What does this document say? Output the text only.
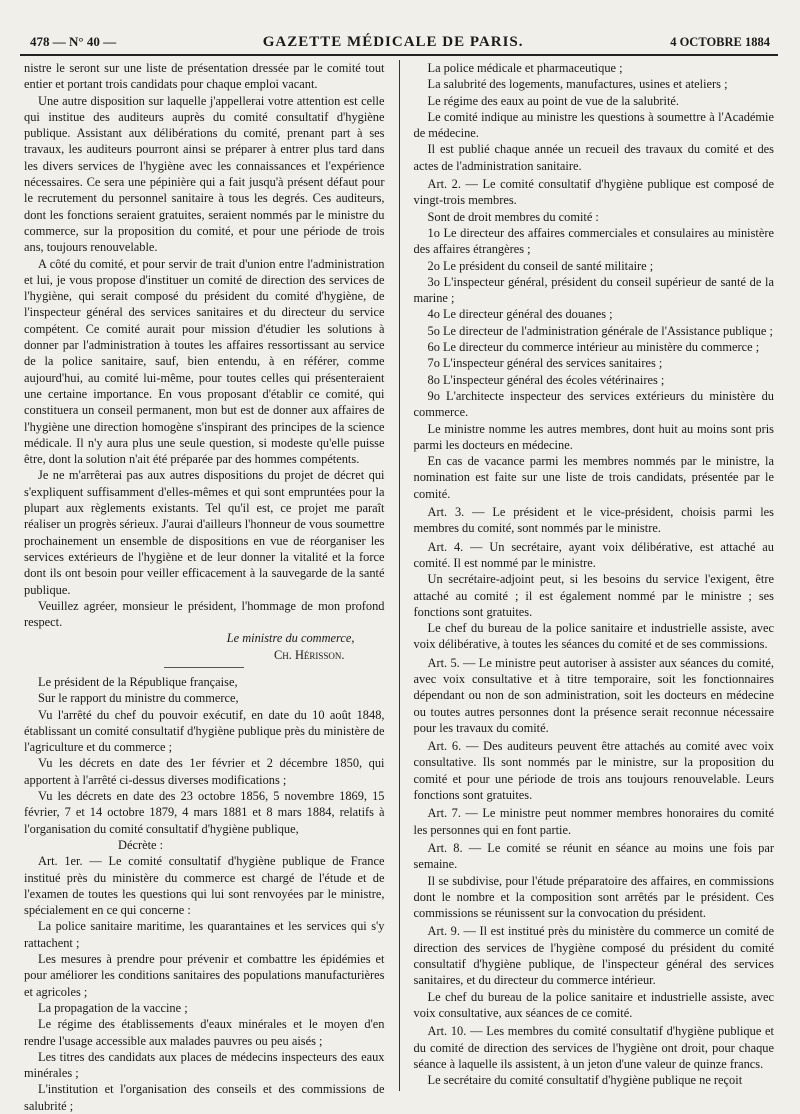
478 — N° 40 —	GAZETTE MÉDICALE DE PARIS.	4 OCTOBRE 1884

nistre le seront sur une liste de présentation dressée par le comité tout entier et portant trois candidats pour chaque emploi vacant.

Une autre disposition sur laquelle j'appellerai votre attention est celle qui institue des auditeurs auprès du comité consultatif d'hygiène publique. Assistant aux délibérations du comité, prenant part à ses travaux, les auditeurs pourront ainsi se préparer à entrer plus tard dans les divers services de l'hygiène avec les connaissances et l'expérience nécessaires. Ce sera une pépinière qui a fait jusqu'à présent défaut pour le recrutement du personnel sanitaire à tous les degrés. Ces auditeurs, dont les fonctions seraient gratuites, seraient nommés par le ministre du commerce, sur la proposition du comité, et pour une période de trois ans, toujours renouvelable.

A côté du comité, et pour servir de trait d'union entre l'administration et lui, je vous propose d'instituer un comité de direction des services de l'hygiène, qui serait composé du président du comité d'hygiène, de l'inspecteur général des services sanitaires et du directeur du service compétent. Ce comité aurait pour mission d'étudier les solutions à donner par l'administration à toutes les affaires ressortissant au service de la police sanitaire, sauf, bien entendu, à en référer, comme aujourd'hui, au comité lui-même, pour toutes celles qui présenteraient une certaine importance. En vous proposant d'établir ce comité, qui constituera un conseil permanent, mon but est de donner aux affaires de l'hygiène une direction homogène s'inspirant des principes de la science médicale. Il n'y aura plus une seule question, si modeste qu'elle puisse être, dont la solution n'ait été préparée par des hommes compétents.

Je ne m'arrêterai pas aux autres dispositions du projet de décret qui s'expliquent suffisamment d'elles-mêmes et qui sont empruntées pour la plupart aux règlements existants. Tel qu'il est, ce projet me paraît réaliser un progrès sérieux. J'aurai d'ailleurs l'honneur de vous soumettre prochainement un ensemble de dispositions en vue de réorganiser les services extérieurs de l'hygiène et de leur donner la vitalité et la force dont ils ont besoin pour veiller efficacement à la sauvegarde de la santé publique.

Veuillez agréer, monsieur le président, l'hommage de mon profond respect.

Le ministre du commerce,

Ch. Hérisson.

Le président de la République française,

Sur le rapport du ministre du commerce,

Vu l'arrêté du chef du pouvoir exécutif, en date du 10 août 1848, établissant un comité consultatif d'hygiène publique près du ministère de l'agriculture et du commerce ;

Vu les décrets en date des 1er février et 2 décembre 1850, qui apportent à l'arrêté ci-dessus diverses modifications ;

Vu les décrets en date des 23 octobre 1856, 5 novembre 1869, 15 février, 7 et 14 octobre 1879, 4 mars 1881 et 8 mars 1884, relatifs à l'organisation du comité consultatif d'hygiène publique,

Décrète :

Art. 1er. — Le comité consultatif d'hygiène publique de France institué près du ministère du commerce est chargé de l'étude et de l'examen de toutes les questions qui lui sont renvoyées par le ministre, spécialement en ce qui concerne :

La police sanitaire maritime, les quarantaines et les services qui s'y rattachent ;

Les mesures à prendre pour prévenir et combattre les épidémies et pour améliorer les conditions sanitaires des populations manufacturières et agricoles ;

La propagation de la vaccine ;

Le régime des établissements d'eaux minérales et le moyen d'en rendre l'usage accessible aux malades pauvres ou peu aisés ;

Les titres des candidats aux places de médecins inspecteurs des eaux minérales ;

L'institution et l'organisation des conseils et des commissions de salubrité ;

La police médicale et pharmaceutique ;

La salubrité des logements, manufactures, usines et ateliers ;

Le régime des eaux au point de vue de la salubrité.

Le comité indique au ministre les questions à soumettre à l'Académie de médecine.

Il est publié chaque année un recueil des travaux du comité et des actes de l'administration sanitaire.

Art. 2. — Le comité consultatif d'hygiène publique est composé de vingt-trois membres.

Sont de droit membres du comité :

1o Le directeur des affaires commerciales et consulaires au ministère des affaires étrangères ;

2o Le président du conseil de santé militaire ;

3o L'inspecteur général, président du conseil supérieur de santé de la marine ;

4o Le directeur général des douanes ;

5o Le directeur de l'administration générale de l'Assistance publique ;

6o Le directeur du commerce intérieur au ministère du commerce ;

7o L'inspecteur général des services sanitaires ;

8o L'inspecteur général des écoles vétérinaires ;

9o L'architecte inspecteur des services extérieurs du ministère du commerce.

Le ministre nomme les autres membres, dont huit au moins sont pris parmi les docteurs en médecine.

En cas de vacance parmi les membres nommés par le ministre, la nomination est faite sur une liste de trois candidats, présentée par le comité.

Art. 3. — Le président et le vice-président, choisis parmi les membres du comité, sont nommés par le ministre.

Art. 4. — Un secrétaire, ayant voix délibérative, est attaché au comité. Il est nommé par le ministre.

Un secrétaire-adjoint peut, si les besoins du service l'exigent, être attaché au comité ; il est également nommé par le ministre ; ses fonctions sont gratuites.

Le chef du bureau de la police sanitaire et industrielle assiste, avec voix délibérative, à toutes les séances du comité et de ses commissions.

Art. 5. — Le ministre peut autoriser à assister aux séances du comité, avec voix consultative et à titre temporaire, soit les fonctionnaires dépendant ou non de son administration, soit les docteurs en médecine ou toutes autres personnes dont la présence serait reconnue nécessaire pour les travaux du comité.

Art. 6. — Des auditeurs peuvent être attachés au comité avec voix consultative. Ils sont nommés par le ministre, sur la proposition du comité et pour une période de trois ans toujours renouvelable. Leurs fonctions sont gratuites.

Art. 7. — Le ministre peut nommer membres honoraires du comité les personnes qui en font partie.

Art. 8. — Le comité se réunit en séance au moins une fois par semaine.

Il se subdivise, pour l'étude préparatoire des affaires, en commissions dont le nombre et la composition sont arrêtés par le président. Ces commissions se réunissent sur la convocation du président.

Art. 9. — Il est institué près du ministère du commerce un comité de direction des services de l'hygiène composé du président du comité consultatif d'hygiène publique, de l'inspecteur général des services sanitaires, et du directeur du commerce intérieur.

Le chef du bureau de la police sanitaire et industrielle assiste, avec voix consultative, aux séances de ce comité.

Art. 10. — Les membres du comité consultatif d'hygiène publique et du comité de direction des services de l'hygiène ont droit, pour chaque séance à laquelle ils assistent, à un jeton d'une valeur de quinze francs.

Le secrétaire du comité consultatif d'hygiène publique ne reçoit
